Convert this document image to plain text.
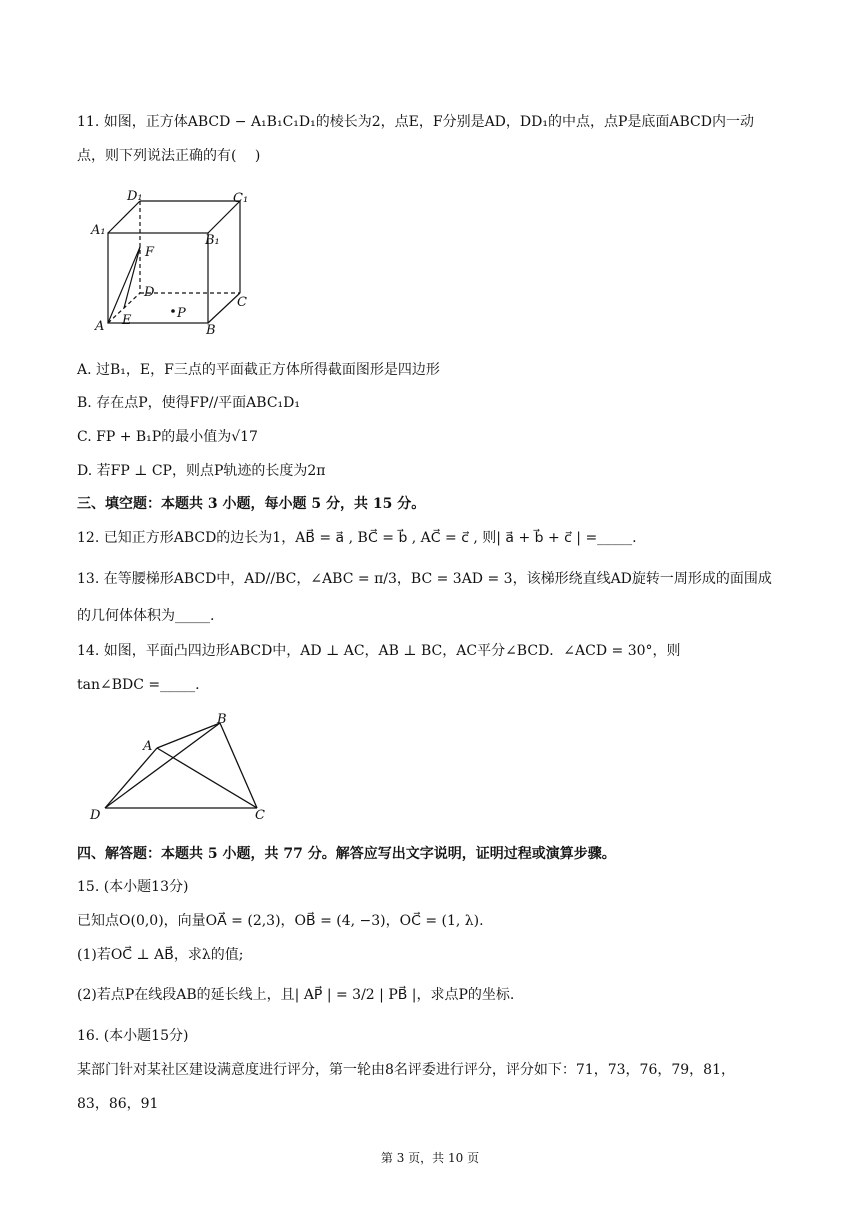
11. 如图，正方体ABCD − A₁B₁C₁D₁的棱长为2，点E，F分别是AD，DD₁的中点，点P是底面ABCD内一动
点，则下列说法正确的有(　 )
D₁	C₁
A₁
B₁
F
D
C
A E	P
B
A. 过B₁，E，F三点的平面截正方体所得截面图形是四边形
B. 存在点P，使得FP//平面ABC₁D₁
C. FP + B₁P的最小值为√17
D. 若FP ⊥ CP，则点P轨迹的长度为2π
三、填空题：本题共 3 小题，每小题 5 分，共 15 分。
12. 已知正方形ABCD的边长为1，AB⃗ = a⃗ , BC⃗ = b⃗ , AC⃗ = c⃗ , 则| a⃗ + b⃗ + c⃗ | =_____.
13. 在等腰梯形ABCD中，AD//BC，∠ABC = π/3，BC = 3AD = 3，该梯形绕直线AD旋转一周形成的面围成
的几何体体积为_____.
14. 如图，平面凸四边形ABCD中，AD ⊥ AC，AB ⊥ BC，AC平分∠BCD．∠ACD = 30°，则
tan∠BDC =_____.
A
B
C
D
四、解答题：本题共 5 小题，共 77 分。解答应写出文字说明，证明过程或演算步骤。
15. (本小题13分)
已知点O(0,0)，向量OA⃗ = (2,3)，OB⃗ = (4, −3)，OC⃗ = (1, λ).
(1)若OC⃗ ⊥ AB⃗，求λ的值;
(2)若点P在线段AB的延长线上，且| AP⃗ | = 3/2 | PB⃗ |，求点P的坐标.
16. (本小题15分)
某部门针对某社区建设满意度进行评分，第一轮由8名评委进行评分，评分如下：71，73，76，79，81，
83，86，91
第 3 页，共 10 页
